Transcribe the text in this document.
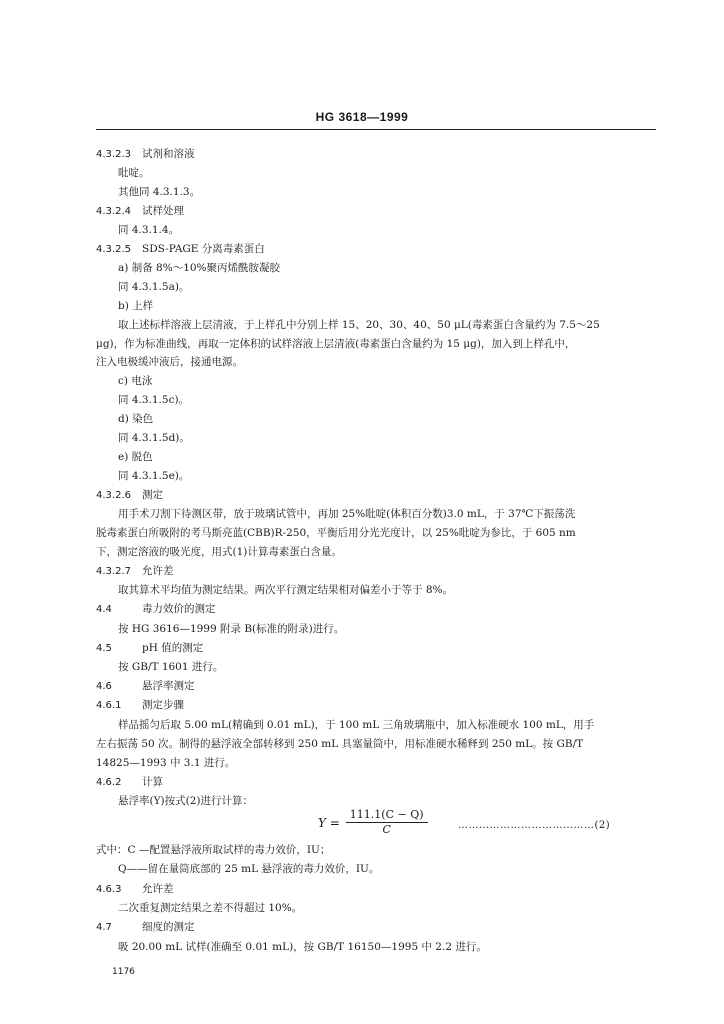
HG 3618—1999
4.3.2.3 试剂和溶液
吡啶。
其他同 4.3.1.3。
4.3.2.4 试样处理
同 4.3.1.4。
4.3.2.5 SDS-PAGE 分离毒素蛋白
a) 制备 8%～10%聚丙烯酰胺凝胶
同 4.3.1.5a)。
b) 上样
取上述标样溶液上层清液，于上样孔中分别上样 15、20、30、40、50 μL(毒素蛋白含量约为 7.5～25
μg)，作为标准曲线，再取一定体积的试样溶液上层清液(毒素蛋白含量约为 15 μg)，加入到上样孔中，
注入电极缓冲液后，接通电源。
c) 电泳
同 4.3.1.5c)。
d) 染色
同 4.3.1.5d)。
e) 脱色
同 4.3.1.5e)。
4.3.2.6 测定
用手术刀割下待测区带，放于玻璃试管中，再加 25%吡啶(体积百分数)3.0 mL，于 37℃下振荡洗
脱毒素蛋白所吸附的考马斯亮蓝(CBB)R-250，平衡后用分光光度计，以 25%吡啶为参比，于 605 nm
下，测定溶液的吸光度，用式(1)计算毒素蛋白含量。
4.3.2.7 允许差
取其算术平均值为测定结果。两次平行测定结果相对偏差小于等于 8%。
4.4	毒力效价的测定
按 HG 3616—1999 附录 B(标准的附录)进行。
4.5	pH 值的测定
按 GB/T 1601 进行。
4.6	悬浮率测定
4.6.1 测定步骤
样品摇匀后取 5.00 mL(精确到 0.01 mL)，于 100 mL 三角玻璃瓶中，加入标准硬水 100 mL，用手
左右振荡 50 次。制得的悬浮液全部转移到 250 mL 具塞量筒中，用标准硬水稀释到 250 mL。按 GB/T
14825—1993 中 3.1 进行。
4.6.2 计算
悬浮率(Y)按式(2)进行计算：
式中：C —配置悬浮液所取试样的毒力效价，IU；
Q——留在量筒底部的 25 mL 悬浮液的毒力效价，IU。
4.6.3 允许差
二次重复测定结果之差不得超过 10%。
4.7	细度的测定
吸 20.00 mL 试样(准确至 0.01 mL)，按 GB/T 16150—1995 中 2.2 进行。
$Y = \frac{111.1(C - Q)}{C}$	…………………………………(2)
1176
